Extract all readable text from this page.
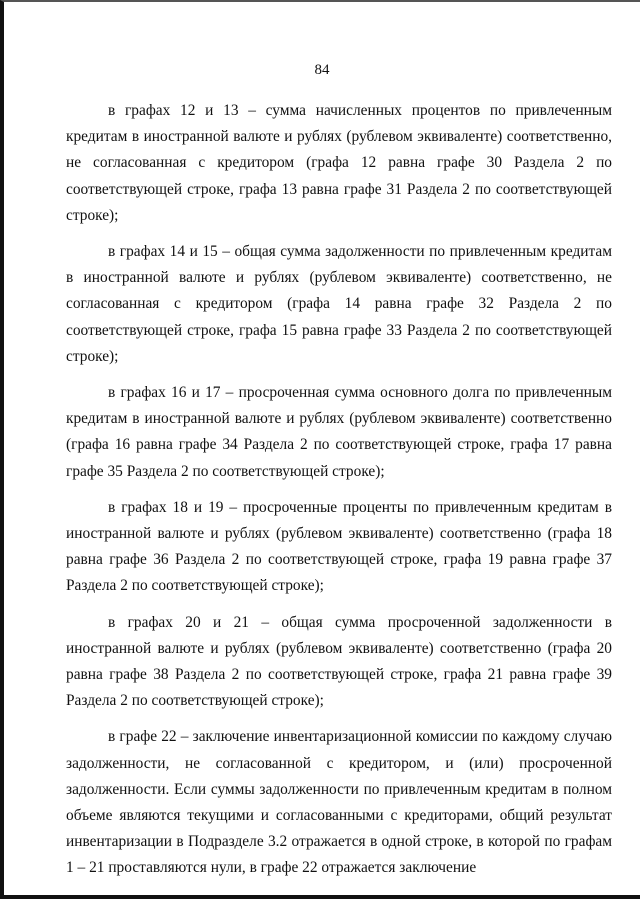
84

в графах 12 и 13 – сумма начисленных процентов по привлеченным кредитам в иностранной валюте и рублях (рублевом эквиваленте) соответственно, не согласованная с кредитором (графа 12 равна графе 30 Раздела 2 по соответствующей строке, графа 13 равна графе 31 Раздела 2 по соответствующей строке);

в графах 14 и 15 – общая сумма задолженности по привлеченным кредитам в иностранной валюте и рублях (рублевом эквиваленте) соответственно, не согласованная с кредитором (графа 14 равна графе 32 Раздела 2 по соответствующей строке, графа 15 равна графе 33 Раздела 2 по соответствующей строке);

в графах 16 и 17 – просроченная сумма основного долга по привлеченным кредитам в иностранной валюте и рублях (рублевом эквиваленте) соответственно (графа 16 равна графе 34 Раздела 2 по соответствующей строке, графа 17 равна графе 35 Раздела 2 по соответствующей строке);

в графах 18 и 19 – просроченные проценты по привлеченным кредитам в иностранной валюте и рублях (рублевом эквиваленте) соответственно (графа 18 равна графе 36 Раздела 2 по соответствующей строке, графа 19 равна графе 37 Раздела 2 по соответствующей строке);

в графах 20 и 21 – общая сумма просроченной задолженности в иностранной валюте и рублях (рублевом эквиваленте) соответственно (графа 20 равна графе 38 Раздела 2 по соответствующей строке, графа 21 равна графе 39 Раздела 2 по соответствующей строке);

в графе 22 – заключение инвентаризационной комиссии по каждому случаю задолженности, не согласованной с кредитором, и (или) просроченной задолженности. Если суммы задолженности по привлеченным кредитам в полном объеме являются текущими и согласованными с кредиторами, общий результат инвентаризации в Подразделе 3.2 отражается в одной строке, в которой по графам 1 – 21 проставляются нули, в графе 22 отражается заключение
